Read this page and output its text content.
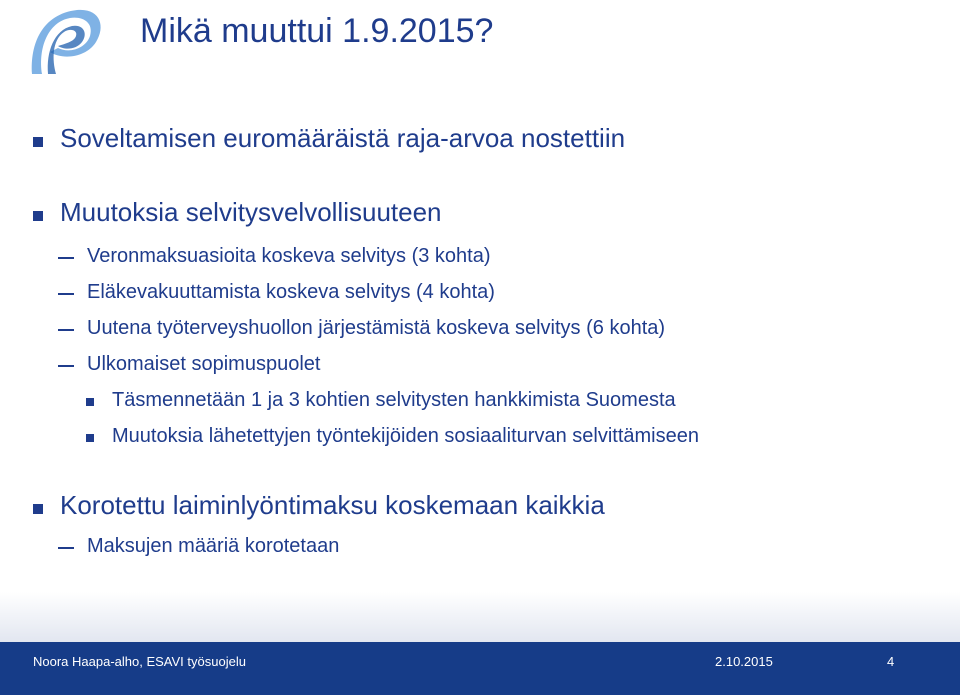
Mikä muuttui 1.9.2015?
Soveltamisen euromääräistä raja-arvoa nostettiin
Muutoksia selvitysvelvollisuuteen
Veronmaksuasioita koskeva selvitys (3 kohta)
Eläkevakuuttamista koskeva selvitys (4 kohta)
Uutena työterveyshuollon järjestämistä koskeva selvitys (6 kohta)
Ulkomaiset sopimuspuolet
Täsmennetään 1 ja 3 kohtien selvitysten hankkimista Suomesta
Muutoksia lähetettyjen työntekijöiden sosiaaliturvan selvittämiseen
Korotettu laiminlyöntimaksu koskemaan kaikkia
Maksujen määriä korotetaan
Noora Haapa-alho, ESAVI työsuojelu	2.10.2015	4
